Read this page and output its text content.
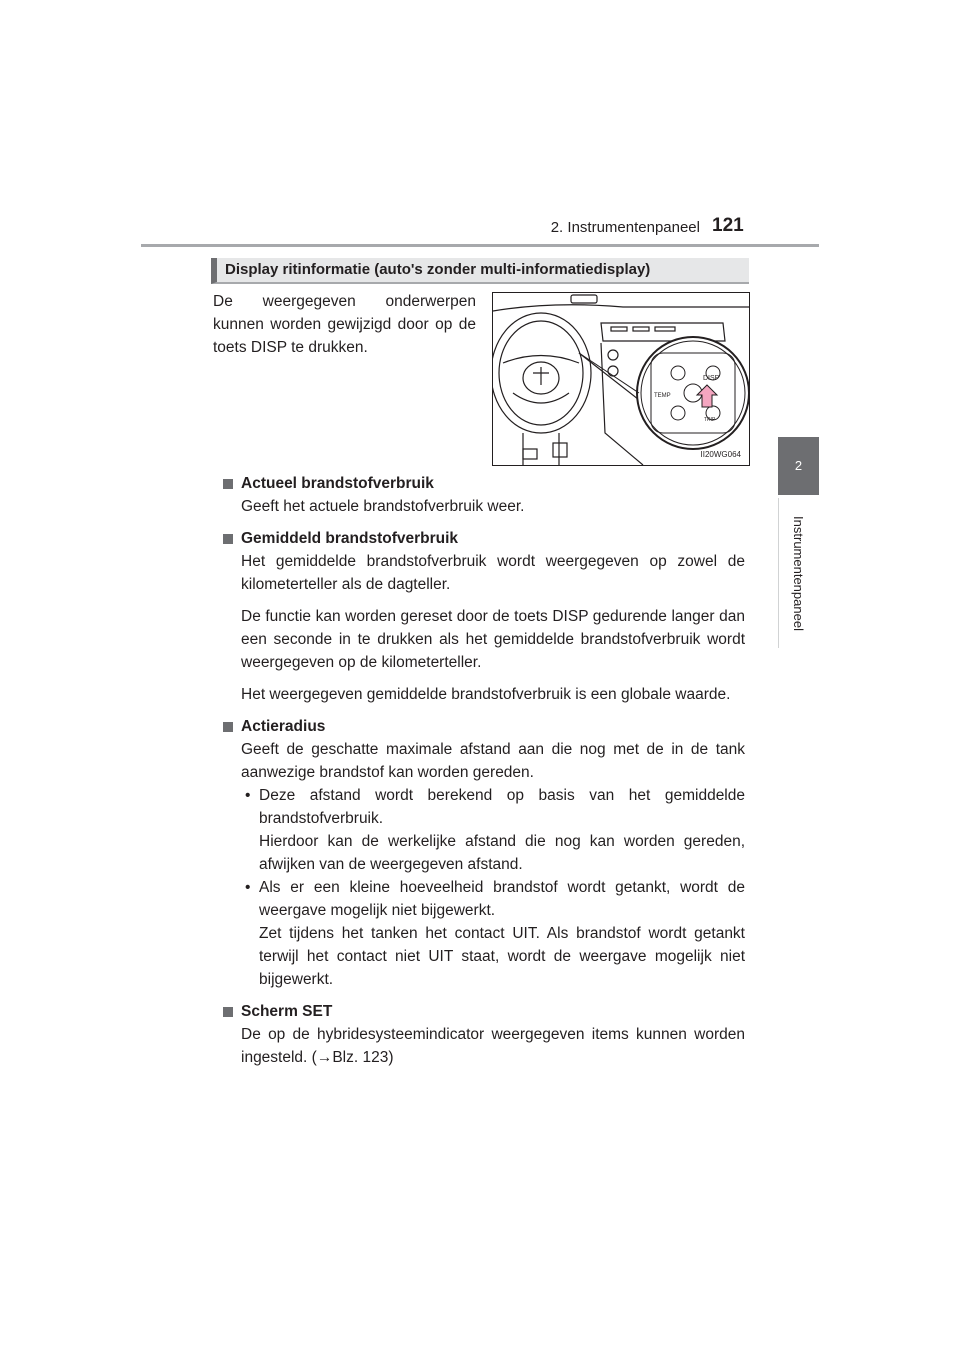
2. Instrumentenpaneel 121
2
Instrumentenpaneel
Display ritinformatie (auto's zonder multi-informatiedisplay)
De weergegeven onderwerpen kunnen worden gewijzigd door op de toets DISP te drukken.
DISP
TEMP
TRIP
II20WG064
Actueel brandstofverbruik

Geeft het actuele brandstofverbruik weer.

Gemiddeld brandstofverbruik

Het gemiddelde brandstofverbruik wordt weergegeven op zowel de kilometerteller als de dagteller.

De functie kan worden gereset door de toets DISP gedurende langer dan een seconde in te drukken als het gemiddelde brandstofverbruik wordt weergegeven op de kilometerteller.

Het weergegeven gemiddelde brandstofverbruik is een globale waarde.

Actieradius

Geeft de geschatte maximale afstand aan die nog met de in de tank aanwezige brandstof kan worden gereden.

• Deze afstand wordt berekend op basis van het gemiddelde brandstofverbruik.
Hierdoor kan de werkelijke afstand die nog kan worden gereden, afwijken van de weergegeven afstand.
• Als er een kleine hoeveelheid brandstof wordt getankt, wordt de weergave mogelijk niet bijgewerkt.
Zet tijdens het tanken het contact UIT. Als brandstof wordt getankt terwijl het contact niet UIT staat, wordt de weergave mogelijk niet bijgewerkt.
Scherm SET

De op de hybridesysteemindicator weergegeven items kunnen worden ingesteld. (→Blz. 123)
